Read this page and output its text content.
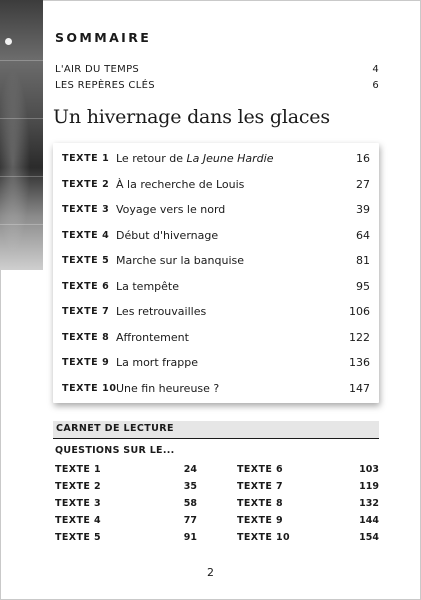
SOMMAIRE
L'AIR DU TEMPS	4
LES REPÈRES CLÉS	6
Un hivernage dans les glaces
TEXTE 1 Le retour de La Jeune Hardie	16
TEXTE 2 À la recherche de Louis	27
TEXTE 3 Voyage vers le nord	39
TEXTE 4 Début d'hivernage	64
TEXTE 5 Marche sur la banquise	81
TEXTE 6 La tempête	95
TEXTE 7 Les retrouvailles	106
TEXTE 8 Affrontement	122
TEXTE 9 La mort frappe	136
TEXTE 10 Une fin heureuse ?	147
CARNET DE LECTURE
QUESTIONS SUR LE...
TEXTE 1	24
TEXTE 2	35
TEXTE 3	58
TEXTE 4	77
TEXTE 5	91
TEXTE 6	103
TEXTE 7	119
TEXTE 8	132
TEXTE 9	144
TEXTE 10	154
2
